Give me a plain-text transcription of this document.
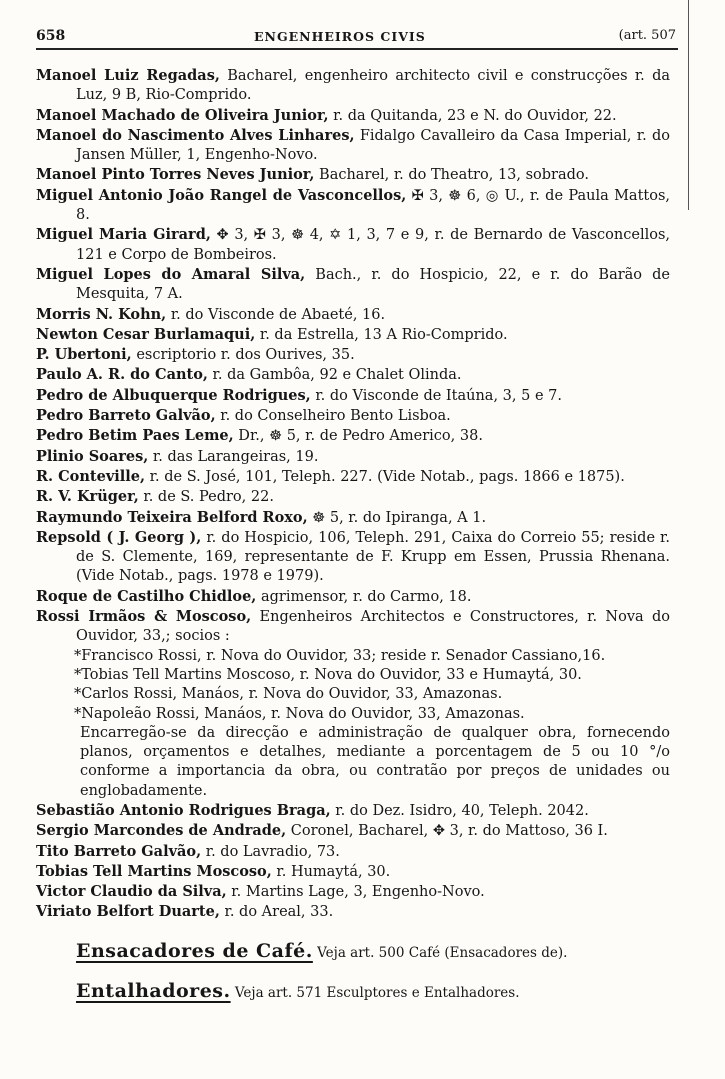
658	ENGENHEIROS CIVIS	(art. 507
Manoel Luiz Regadas, Bacharel, engenheiro architecto civil e construcções r. da Luz, 9 B, Rio-Comprido.
Manoel Machado de Oliveira Junior, r. da Quitanda, 23 e N. do Ouvidor, 22.
Manoel do Nascimento Alves Linhares, Fidalgo Cavalleiro da Casa Imperial, r. do Jansen Müller, 1, Engenho-Novo.
Manoel Pinto Torres Neves Junior, Bacharel, r. do Theatro, 13, sobrado.
Miguel Antonio João Rangel de Vasconcellos, ✠ 3, ☸ 6, ◎ U., r. de Paula Mattos, 8.
Miguel Maria Girard, ✥ 3, ✠ 3, ☸ 4, ✡ 1, 3, 7 e 9, r. de Bernardo de Vasconcellos, 121 e Corpo de Bombeiros.
Miguel Lopes do Amaral Silva, Bach., r. do Hospicio, 22, e r. do Barão de Mesquita, 7 A.
Morris N. Kohn, r. do Visconde de Abaeté, 16.
Newton Cesar Burlamaqui, r. da Estrella, 13 A Rio-Comprido.
P. Ubertoni, escriptorio r. dos Ourives, 35.
Paulo A. R. do Canto, r. da Gambôa, 92 e Chalet Olinda.
Pedro de Albuquerque Rodrigues, r. do Visconde de Itaúna, 3, 5 e 7.
Pedro Barreto Galvão, r. do Conselheiro Bento Lisboa.
Pedro Betim Paes Leme, Dr., ☸ 5, r. de Pedro Americo, 38.
Plinio Soares, r. das Larangeiras, 19.
R. Conteville, r. de S. José, 101, Teleph. 227. (Vide Notab., pags. 1866 e 1875).
R. V. Krüger, r. de S. Pedro, 22.
Raymundo Teixeira Belford Roxo, ☸ 5, r. do Ipiranga, A 1.
Repsold ( J. Georg ), r. do Hospicio, 106, Teleph. 291, Caixa do Correio 55; reside r. de S. Clemente, 169, representante de F. Krupp em Essen, Prussia Rhenana. (Vide Notab., pags. 1978 e 1979).
Roque de Castilho Chidloe, agrimensor, r. do Carmo, 18.
Rossi Irmãos & Moscoso, Engenheiros Architectos e Constructores, r. Nova do Ouvidor, 33,; socios :
*Francisco Rossi, r. Nova do Ouvidor, 33; reside r. Senador Cassiano,16.
*Tobias Tell Martins Moscoso, r. Nova do Ouvidor, 33 e Humaytá, 30.
*Carlos Rossi, Manáos, r. Nova do Ouvidor, 33, Amazonas.
*Napoleão Rossi, Manáos, r. Nova do Ouvidor, 33, Amazonas.
Encarregão-se da direcção e administração de qualquer obra, fornecendo planos, orçamentos e detalhes, mediante a porcentagem de 5 ou 10 °/o conforme a importancia da obra, ou contratão por preços de unidades ou englobadamente.
Sebastião Antonio Rodrigues Braga, r. do Dez. Isidro, 40, Teleph. 2042.
Sergio Marcondes de Andrade, Coronel, Bacharel, ✥ 3, r. do Mattoso, 36 I.
Tito Barreto Galvão, r. do Lavradio, 73.
Tobias Tell Martins Moscoso, r. Humaytá, 30.
Victor Claudio da Silva, r. Martins Lage, 3, Engenho-Novo.
Viriato Belfort Duarte, r. do Areal, 33.
Ensacadores de Café. Veja art. 500 Café (Ensacadores de).
Entalhadores. Veja art. 571 Esculptores e Entalhadores.
